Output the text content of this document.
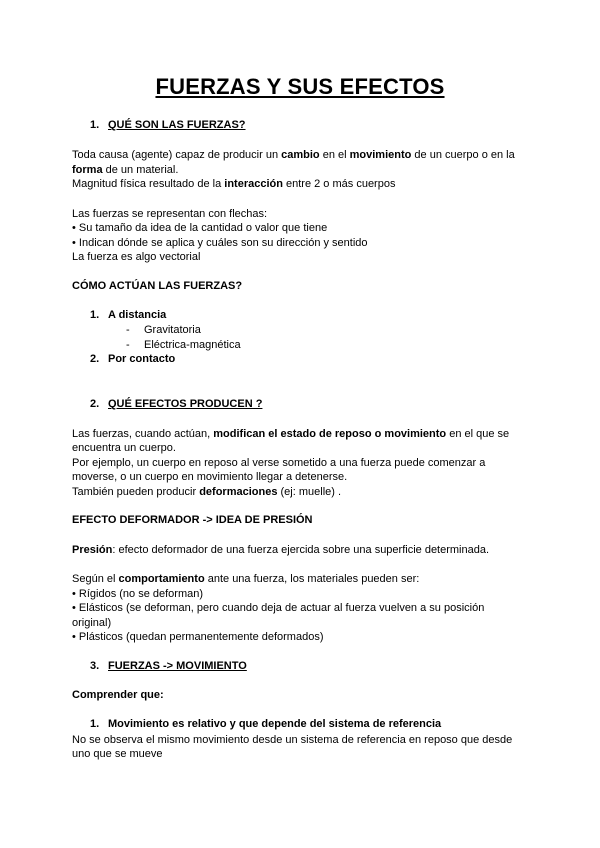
FUERZAS Y SUS EFECTOS
1. QUÉ SON LAS FUERZAS?
Toda causa (agente) capaz de producir un cambio en el movimiento de un cuerpo o en la
forma de un material.
Magnitud física resultado de la interacción entre 2 o más cuerpos
Las fuerzas se representan con flechas:
• Su tamaño da idea de la cantidad o valor que tiene
• Indican dónde se aplica y cuáles son su dirección y sentido
La fuerza es algo vectorial
CÓMO ACTÚAN LAS FUERZAS?
1. A distancia
- Gravitatoria
- Eléctrica-magnética
2. Por contacto
2. QUÉ EFECTOS PRODUCEN ?
Las fuerzas, cuando actúan, modifican el estado de reposo o movimiento en el que se
encuentra un cuerpo.
Por ejemplo, un cuerpo en reposo al verse sometido a una fuerza puede comenzar a
moverse, o un cuerpo en movimiento llegar a detenerse.
También pueden producir deformaciones (ej: muelle) .
EFECTO DEFORMADOR -> IDEA DE PRESIÓN
Presión: efecto deformador de una fuerza ejercida sobre una superficie determinada.
Según el comportamiento ante una fuerza, los materiales pueden ser:
• Rígidos (no se deforman)
• Elásticos (se deforman, pero cuando deja de actuar al fuerza vuelven a su posición
original)
• Plásticos (quedan permanentemente deformados)
3. FUERZAS -> MOVIMIENTO
Comprender que:
1. Movimiento es relativo y que depende del sistema de referencia
No se observa el mismo movimiento desde un sistema de referencia en reposo que desde
uno que se mueve
